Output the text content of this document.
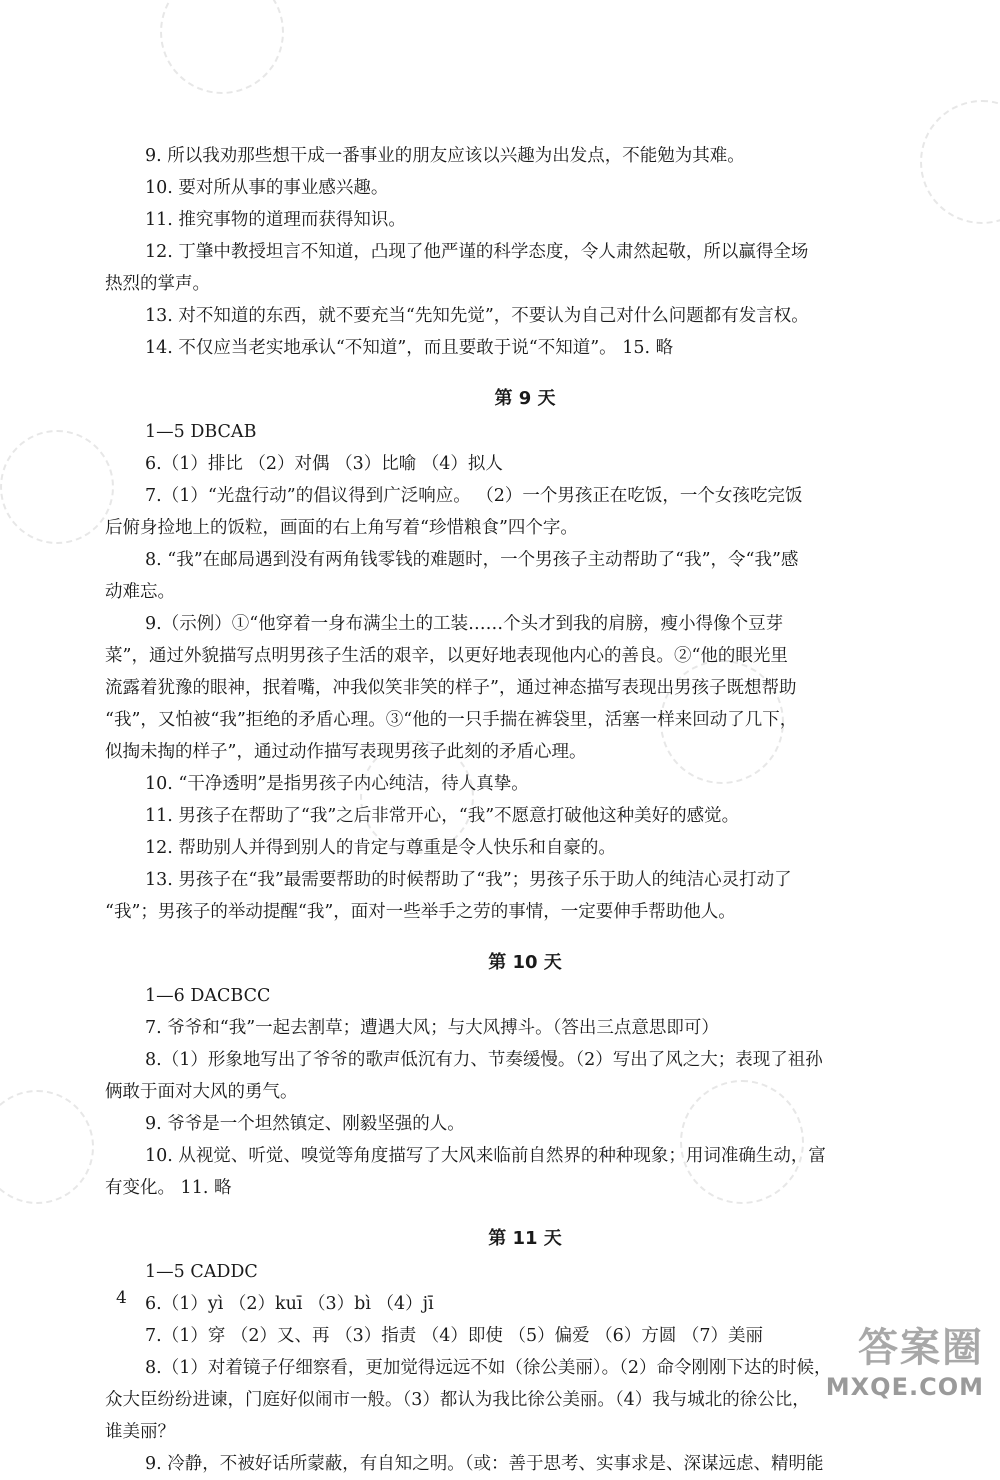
9. 所以我劝那些想干成一番事业的朋友应该以兴趣为出发点，不能勉为其难。
10. 要对所从事的事业感兴趣。
11. 推究事物的道理而获得知识。
12. 丁肇中教授坦言不知道，凸现了他严谨的科学态度，令人肃然起敬，所以赢得全场
热烈的掌声。
13. 对不知道的东西，就不要充当“先知先觉”，不要认为自己对什么问题都有发言权。
14. 不仅应当老实地承认“不知道”，而且要敢于说“不知道”。 15. 略
第 9 天
1—5 DBCAB
6.（1）排比 （2）对偶 （3）比喻 （4）拟人
7.（1）“光盘行动”的倡议得到广泛响应。 （2）一个男孩正在吃饭，一个女孩吃完饭
后俯身捡地上的饭粒，画面的右上角写着“珍惜粮食”四个字。
8. “我”在邮局遇到没有两角钱零钱的难题时，一个男孩子主动帮助了“我”，令“我”感
动难忘。
9.（示例）①“他穿着一身布满尘土的工装……个头才到我的肩膀，瘦小得像个豆芽
菜”，通过外貌描写点明男孩子生活的艰辛，以更好地表现他内心的善良。②“他的眼光里
流露着犹豫的眼神，抿着嘴，冲我似笑非笑的样子”，通过神态描写表现出男孩子既想帮助
“我”，又怕被“我”拒绝的矛盾心理。③“他的一只手揣在裤袋里，活塞一样来回动了几下，
似掏未掏的样子”，通过动作描写表现男孩子此刻的矛盾心理。
10. “干净透明”是指男孩子内心纯洁，待人真挚。
11. 男孩子在帮助了“我”之后非常开心，“我”不愿意打破他这种美好的感觉。
12. 帮助别人并得到别人的肯定与尊重是令人快乐和自豪的。
13. 男孩子在“我”最需要帮助的时候帮助了“我”；男孩子乐于助人的纯洁心灵打动了
“我”；男孩子的举动提醒“我”，面对一些举手之劳的事情，一定要伸手帮助他人。
第 10 天
1—6 DACBCC
7. 爷爷和“我”一起去割草；遭遇大风；与大风搏斗。（答出三点意思即可）
8.（1）形象地写出了爷爷的歌声低沉有力、节奏缓慢。（2）写出了风之大；表现了祖孙
俩敢于面对大风的勇气。
9. 爷爷是一个坦然镇定、刚毅坚强的人。
10. 从视觉、听觉、嗅觉等角度描写了大风来临前自然界的种种现象；用词准确生动，富
有变化。 11. 略
第 11 天
1—5 CADDC
6.（1）yì （2）kuī （3）bì （4）jī
7.（1）穿 （2）又、再 （3）指责 （4）即使 （5）偏爱 （6）方圆 （7）美丽
8.（1）对着镜子仔细察看，更加觉得远远不如（徐公美丽）。（2）命令刚刚下达的时候，
众大臣纷纷进谏，门庭好似闹市一般。（3）都认为我比徐公美丽。（4）我与城北的徐公比，
谁美丽？
9. 冷静，不被好话所蒙蔽，有自知之明。（或：善于思考、实事求是、深谋远虑、精明能
4
答案圈
MXQE.COM
